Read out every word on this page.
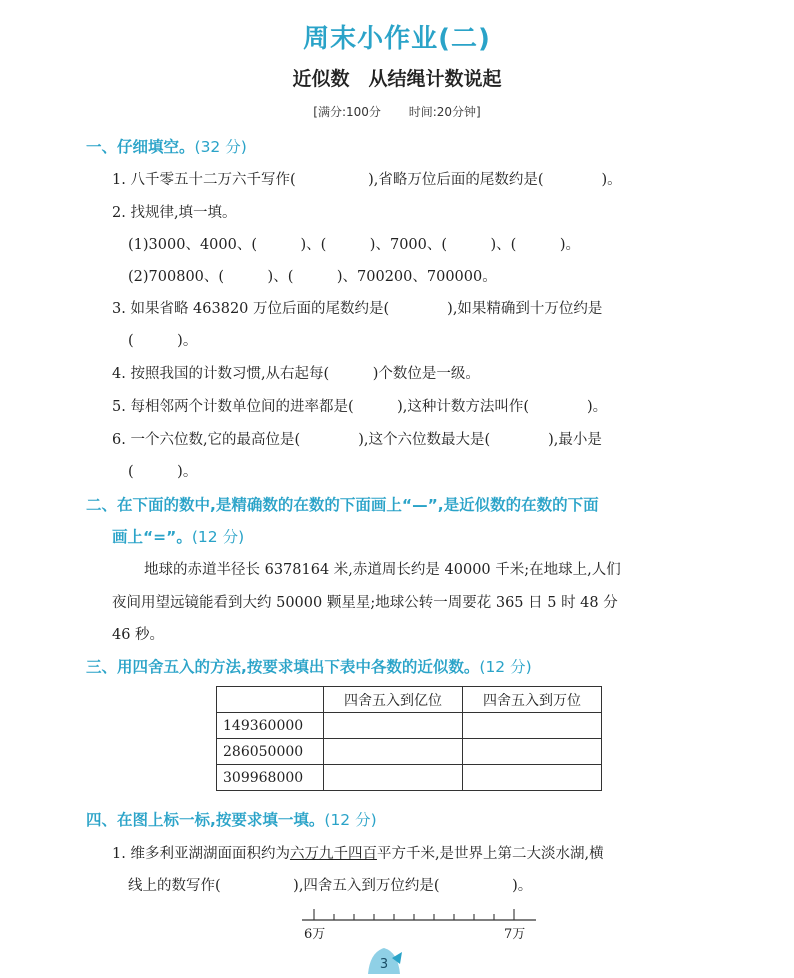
周末小作业(二)
近似数　从结绳计数说起
[满分:100分 时间:20分钟]
一、仔细填空。(32 分)
1. 八千零五十二万六千写作(　　　　　),省略万位后面的尾数约是(　　　　)。
2. 找规律,填一填。
(1)3000、4000、(　　　)、(　　　)、7000、(　　　)、(　　　)。
(2)700800、(　　　)、(　　　)、700200、700000。
3. 如果省略 463820 万位后面的尾数约是(　　　　),如果精确到十万位约是
(　　　)。
4. 按照我国的计数习惯,从右起每(　　　)个数位是一级。
5. 每相邻两个计数单位间的进率都是(　　　),这种计数方法叫作(　　　　)。
6. 一个六位数,它的最高位是(　　　　),这个六位数最大是(　　　　),最小是
(　　　)。
二、在下面的数中,是精确数的在数的下面画上“—”,是近似数的在数的下面
画上“=”。(12 分)
地球的赤道半径长 6378164 米,赤道周长约是 40000 千米;在地球上,人们
夜间用望远镜能看到大约 50000 颗星星;地球公转一周要花 365 日 5 时 48 分
46 秒。
三、用四舍五入的方法,按要求填出下表中各数的近似数。(12 分)
	四舍五入到亿位	四舍五入到万位
149360000		
286050000		
309968000		
四、在图上标一标,按要求填一填。(12 分)
1. 维多利亚湖湖面面积约为六万九千四百平方千米,是世界上第二大淡水湖,横
线上的数写作(　　　　　),四舍五入到万位约是(　　　　　)。
6万	7万
3
